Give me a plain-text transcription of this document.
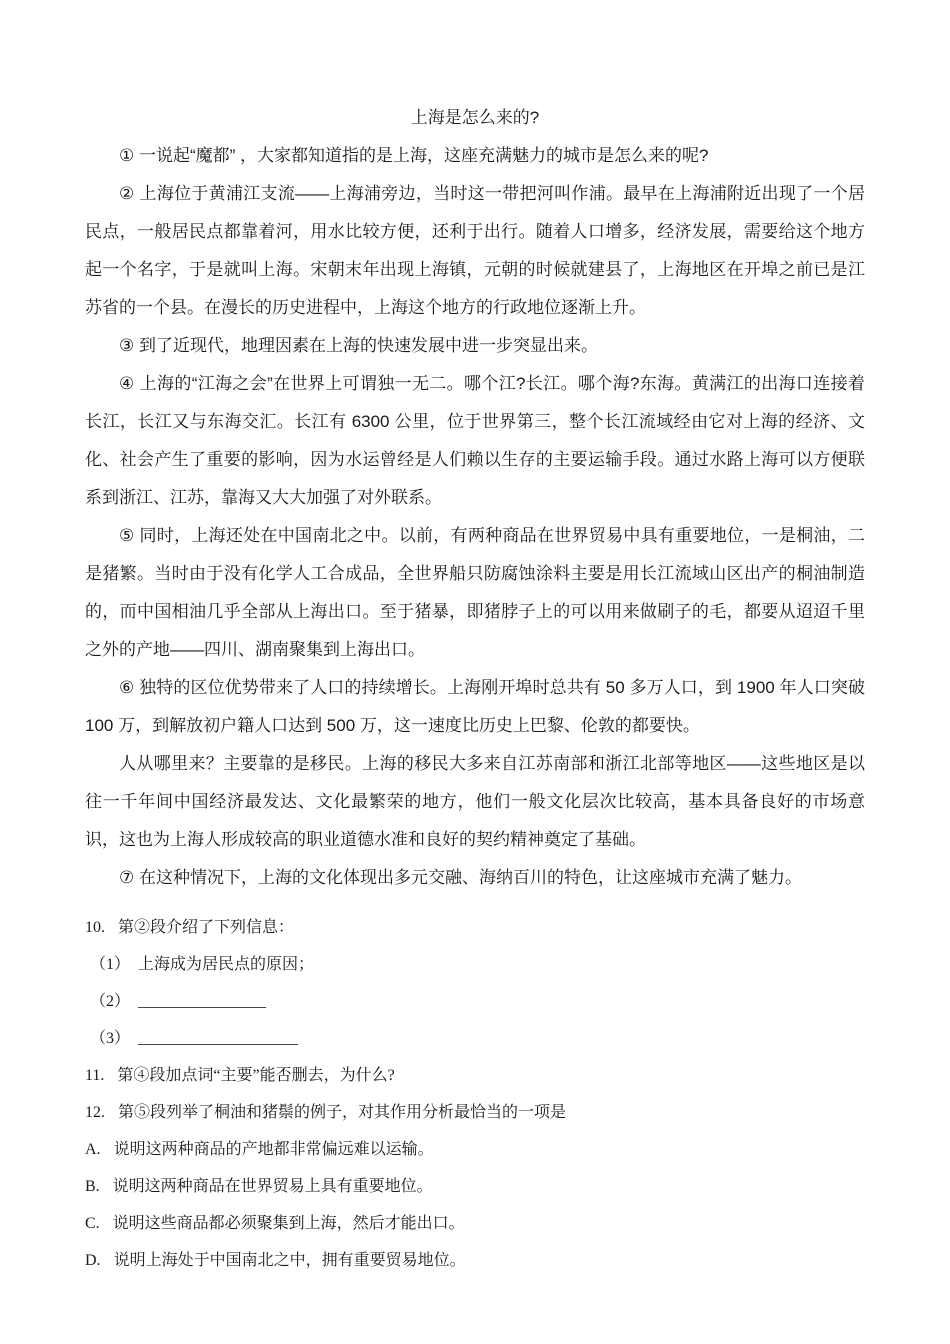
上海是怎么来的?

① 一说起“魔都” ，大家都知道指的是上海，这座充满魅力的城市是怎么来的呢?

② 上海位于黄浦江支流——上海浦旁边，当时这一带把河叫作浦。最早在上海浦附近出现了一个居民点，一般居民点都靠着河，用水比较方便，还利于出行。随着人口增多，经济发展，需要给这个地方起一个名字，于是就叫上海。宋朝末年出现上海镇，元朝的时候就建县了，上海地区在开埠之前已是江苏省的一个县。在漫长的历史进程中，上海这个地方的行政地位逐渐上升。

③ 到了近现代，地理因素在上海的快速发展中进一步突显出来。

④ 上海的“江海之会”在世界上可谓独一无二。哪个江?长江。哪个海?东海。黄满江的出海口连接着长江，长江又与东海交汇。长江有 6300 公里，位于世界第三，整个长江流域经由它对上海的经济、文化、社会产生了重要的影响，因为水运曾经是人们赖以生存的主要运输手段。通过水路上海可以方便联系到浙江、江苏，靠海又大大加强了对外联系。

⑤ 同时，上海还处在中国南北之中。以前，有两种商品在世界贸易中具有重要地位，一是桐油，二是猪繁。当时由于没有化学人工合成品，全世界船只防腐蚀涂料主要是用长江流域山区出产的桐油制造的，而中国相油几乎全部从上海出口。至于猪暴，即猪脖子上的可以用来做刷子的毛，都要从迢迢千里之外的产地——四川、湖南聚集到上海出口。

⑥ 独特的区位优势带来了人口的持续增长。上海刚开埠时总共有 50 多万人口，到 1900 年人口突破 100 万，到解放初户籍人口达到 500 万，这一速度比历史上巴黎、伦敦的都要快。

人从哪里来？主要靠的是移民。上海的移民大多来自江苏南部和浙江北部等地区——这些地区是以往一千年间中国经济最发达、文化最繁荣的地方，他们一般文化层次比较高，基本具备良好的市场意识，这也为上海人形成较高的职业道德水准和良好的契约精神奠定了基础。

⑦ 在这种情况下，上海的文化体现出多元交融、海纳百川的特色，让这座城市充满了魅力。

10. 第②段介绍了下列信息：

（1） 上海成为居民点的原因；

（2） ________________

（3） ____________________

11. 第④段加点词“主要”能否删去，为什么?

12. 第⑤段列举了桐油和猪鬃的例子，对其作用分析最恰当的一项是

A. 说明这两种商品的产地都非常偏远难以运输。

B. 说明这两种商品在世界贸易上具有重要地位。

C. 说明这些商品都必须聚集到上海，然后才能出口。

D. 说明上海处于中国南北之中，拥有重要贸易地位。
